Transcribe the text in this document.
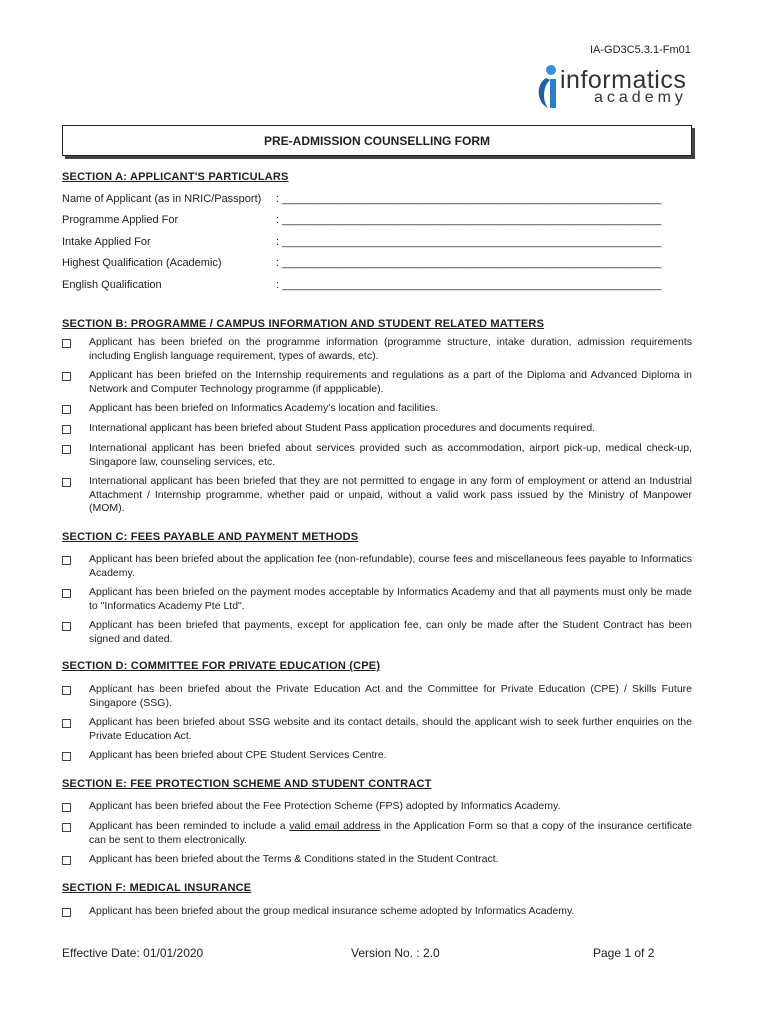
IA-GD3C5.3.1-Fm01
informatics
academy
PRE-ADMISSION COUNSELLING FORM
SECTION A: APPLICANT'S PARTICULARS
Name of Applicant (as in NRIC/Passport) : ______________________________________________________________
Programme Applied For	: ______________________________________________________________
Intake Applied For	: ______________________________________________________________
Highest Qualification (Academic)	: ______________________________________________________________
English Qualification	: ______________________________________________________________
SECTION B: PROGRAMME / CAMPUS INFORMATION AND STUDENT RELATED MATTERS
Applicant has been briefed on the programme information (programme structure, intake duration, admission requirements including English language requirement, types of awards, etc).
Applicant has been briefed on the Internship requirements and regulations as a part of the Diploma and Advanced Diploma in Network and Computer Technology programme (if appplicable).
Applicant has been briefed on Informatics Academy's location and facilities.
International applicant has been briefed about Student Pass application procedures and documents required.
International applicant has been briefed about services provided such as accommodation, airport pick-up, medical check-up, Singapore law, counseling services, etc.
International applicant has been briefed that they are not permitted to engage in any form of employment or attend an Industrial Attachment / Internship programme, whether paid or unpaid, without a valid work pass issued by the Ministry of Manpower (MOM).
SECTION C: FEES PAYABLE AND PAYMENT METHODS
Applicant has been briefed about the application fee (non-refundable), course fees and miscellaneous fees payable to Informatics Academy.
Applicant has been briefed on the payment modes acceptable by Informatics Academy and that all payments must only be made to "Informatics Academy Pte Ltd".
Applicant has been briefed that payments, except for application fee, can only be made after the Student Contract has been signed and dated.
SECTION D: COMMITTEE FOR PRIVATE EDUCATION (CPE)
Applicant has been briefed about the Private Education Act and the Committee for Private Education (CPE) / Skills Future Singapore (SSG).
Applicant has been briefed about SSG website and its contact details, should the applicant wish to seek further enquiries on the Private Education Act.
Applicant has been briefed about CPE Student Services Centre.
SECTION E: FEE PROTECTION SCHEME AND STUDENT CONTRACT
Applicant has been briefed about the Fee Protection Scheme (FPS) adopted by Informatics Academy.
Applicant has been reminded to include a valid email address in the Application Form so that a copy of the insurance certificate can be sent to them electronically.
Applicant has been briefed about the Terms & Conditions stated in the Student Contract.
SECTION F: MEDICAL INSURANCE
Applicant has been briefed about the group medical insurance scheme adopted by Informatics Academy.
Effective Date: 01/01/2020	Version No. : 2.0	Page 1 of 2
